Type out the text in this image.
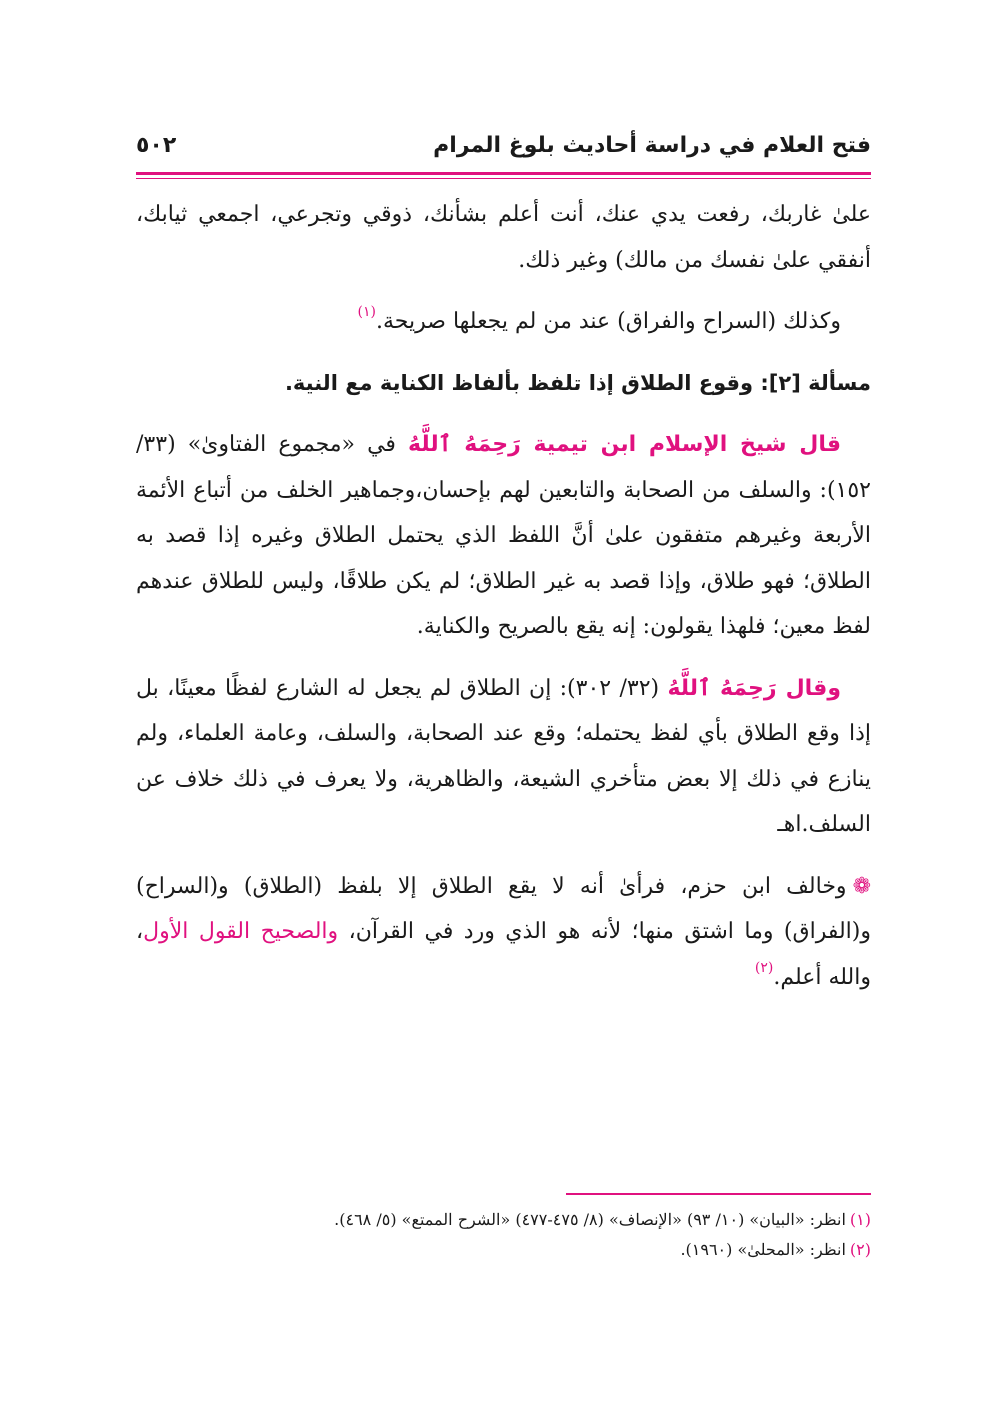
فتح العلام في دراسة أحاديث بلوغ المرام
٥٠٢

علىٰ غاربك، رفعت يدي عنك، أنت أعلم بشأنك، ذوقي وتجرعي، اجمعي ثيابك، أنفقي علىٰ نفسك من مالك) وغير ذلك.

وكذلك (السراح والفراق) عند من لم يجعلها صريحة.$^{(١)}$

مسألة [٢]: وقوع الطلاق إذا تلفظ بألفاظ الكناية مع النية.

قال شيخ الإسلام ابن تيمية رَحِمَهُ ٱللَّهُ في «مجموع الفتاوىٰ» (٣٣/ ١٥٢): والسلف من الصحابة والتابعين لهم بإحسان،وجماهير الخلف من أتباع الأئمة الأربعة وغيرهم متفقون علىٰ أنَّ اللفظ الذي يحتمل الطلاق وغيره إذا قصد به الطلاق؛ فهو طلاق، وإذا قصد به غير الطلاق؛ لم يكن طلاقًا، وليس للطلاق عندهم لفظ معين؛ فلهذا يقولون: إنه يقع بالصريح والكناية.

وقال رَحِمَهُ ٱللَّهُ (٣٢/ ٣٠٢): إن الطلاق لم يجعل له الشارع لفظًا معينًا، بل إذا وقع الطلاق بأي لفظ يحتمله؛ وقع عند الصحابة، والسلف، وعامة العلماء، ولم ينازع في ذلك إلا بعض متأخري الشيعة، والظاهرية، ولا يعرف في ذلك خلاف عن السلف.اهـ

❁وخالف ابن حزم، فرأىٰ أنه لا يقع الطلاق إلا بلفظ (الطلاق) و(السراح) و(الفراق) وما اشتق منها؛ لأنه هو الذي ورد في القرآن، والصحيح القول الأول، والله أعلم.$^{(٢)}$

(١)انظر: «البيان» (١٠/ ٩٣) «الإنصاف» (٨/ ٤٧٥-٤٧٧) «الشرح الممتع» (٥/ ٤٦٨).

(٢)انظر: «المحلىٰ» (١٩٦٠).
